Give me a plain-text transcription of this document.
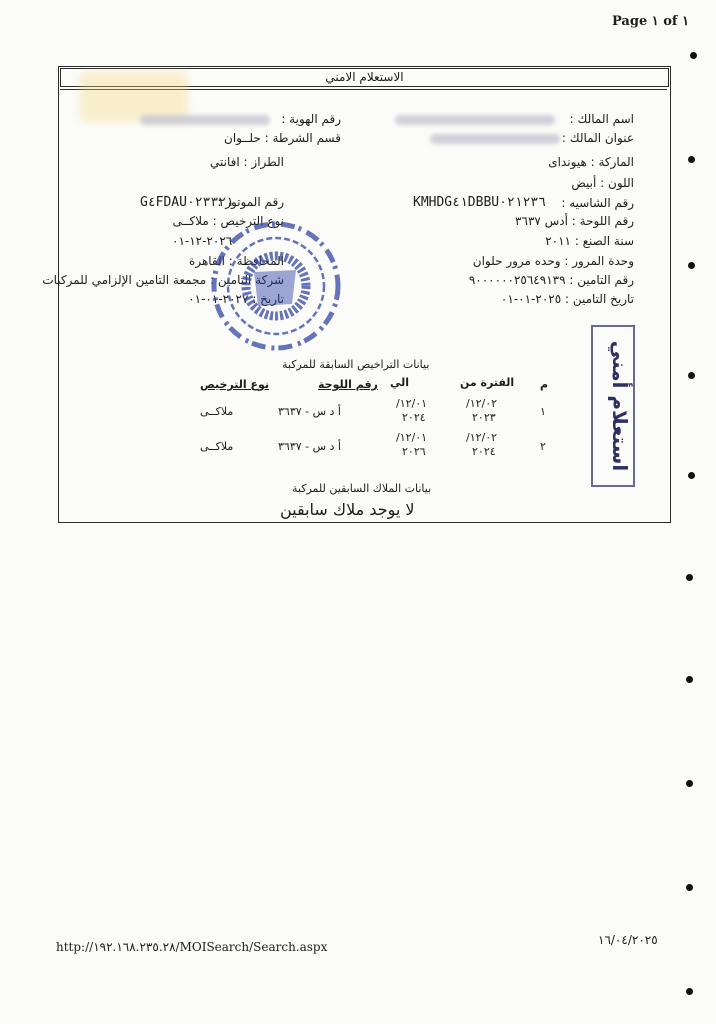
Page ١ of ١
الاستعلام الامني
اسم المالك :
عنوان المالك :
رقم الهوية :
قسم الشرطة : حلــوان
الماركة : هيونداى
اللون : أبيض
رقم الشاسيه :
KMHDG٤١DBBU٠٢١٢٣٦
رقم اللوحة : أدس ٣٦٣٧
سنة الصنع : ٢٠١١
وحدة المرور : وحده مرور حلوان
رقم التامين : ٩٠٠٠٠٠٠٢٥٦٤٩١٣٩
تاريخ التامين : ٢٠٢٥-٠١-٠١
الطراز : افانتي
رقم الموتور :
G٤FDAU٠٢٣٣٢١
نوع الترخيص : ملاكــى
٢٠٢٦-١٢-٠١
المحافظة : القاهرة
شركة التامين : مجمعة التامين الإلزامي للمركبات
تاريخ : ٢٠٢٧-٠١-٠١
استعلام أمني
بيانات التراخيص السابقة للمركبة
م
الفترة من
الي
رقم اللوحة
نوع الترخيص
١
/١٢/٠٢
٢٠٢٣
/١٢/٠١
٢٠٢٤
أ د س - ٣٦٣٧
ملاكــى
٢
/١٢/٠٢
٢٠٢٤
/١٢/٠١
٢٠٢٦
أ د س - ٣٦٣٧
ملاكــى
بيانات الملاك السابقين للمركبة
لا يوجد ملاك سابقين
http://١٩٢.١٦٨.٢٣٥.٢٨/MOISearch/Search.aspx	١٦/٠٤/٢٠٢٥
